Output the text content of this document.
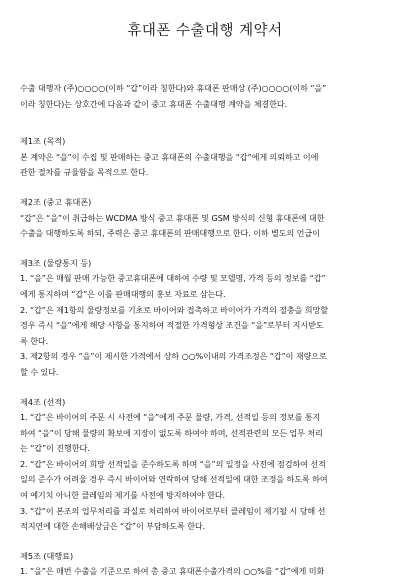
휴대폰 수출대행 계약서

수출 대행자 (주)○○○○(이하 “갑”이라 칭한다)와 휴대폰 판매상 (주)○○○○(이하 “을”

이라 칭한다)는 상호간에 다음과 같이 중고 휴대폰 수출대행 계약을 체결한다.

제1조 (목적)

본 계약은 “을”이 수집 및 판매하는 중고 휴대폰의 수출대행을 “갑”에게 의뢰하고 이에

관한 절차를 규율함을 목적으로 한다.

제2조 (중고 휴대폰)

“갑”은 “을”이 취급하는 WCDMA 방식 중고 휴대폰 및 GSM 방식의 신형 휴대폰에 대한

수출을 대행하도록 하되, 주력은 중고 휴대폰의 판매대행으로 한다. 이하 별도의 언급이

제3조 (물량통지 등)

1. “을”은 매월 판매 가능한 중고휴대폰에 대하여 수량 및 모델명, 가격 등의 정보를 “갑”

에게 통지하며 “갑”은 이를 판매대행의 홍보 자료로 삼는다.

2. “갑”은 제1항의 물량정보를 기초로 바이어와 접촉하고 바이어가 가격의 절충을 희망할

경우 즉시 “을”에게 해당 사항을 통지하여 적절한 가격형상 조건을 “을”로부터 지시받도

록 한다.

3. 제2항의 경우 “을”이 제시한 가격에서 상하 ○○%이내의 가격조정은 “갑”이 재량으로

할 수 있다.

제4조 (선적)

1. “갑”은 바이어의 주문 시 사전에 “을”에게 주문 물량, 가격, 선적일 등의 정보를 통지

하여 “을”이 당해 물량의 확보에 지장이 없도록 하여야 하며, 선적관련의 모든 업무 처리

는 “갑”이 진행한다.

2. “갑”은 바이어의 희망 선적일을 준수하도록 하며 “을”의 일정을 사전에 점검하여 선적

일의 준수가 어려울 경우 즉시 바이어와 연락하여 당해 선적일에 대한 조정을 하도록 하여

여 예기치 아니한 클레임의 제기를 사전에 방지하여야 한다.

3. “갑”이 본조의 업무처리를 과실로 처리하여 바이어로부터 클레임이 제기될 시 당해 선

적지연에 대한 손해배상금은 “갑”이 부담하도록 한다.

제5조 (대행료)

1. “을”은 매번 수출을 기준으로 하여 총 중고 휴대폰수출가격의 ○○%를 “갑”에게 미화
